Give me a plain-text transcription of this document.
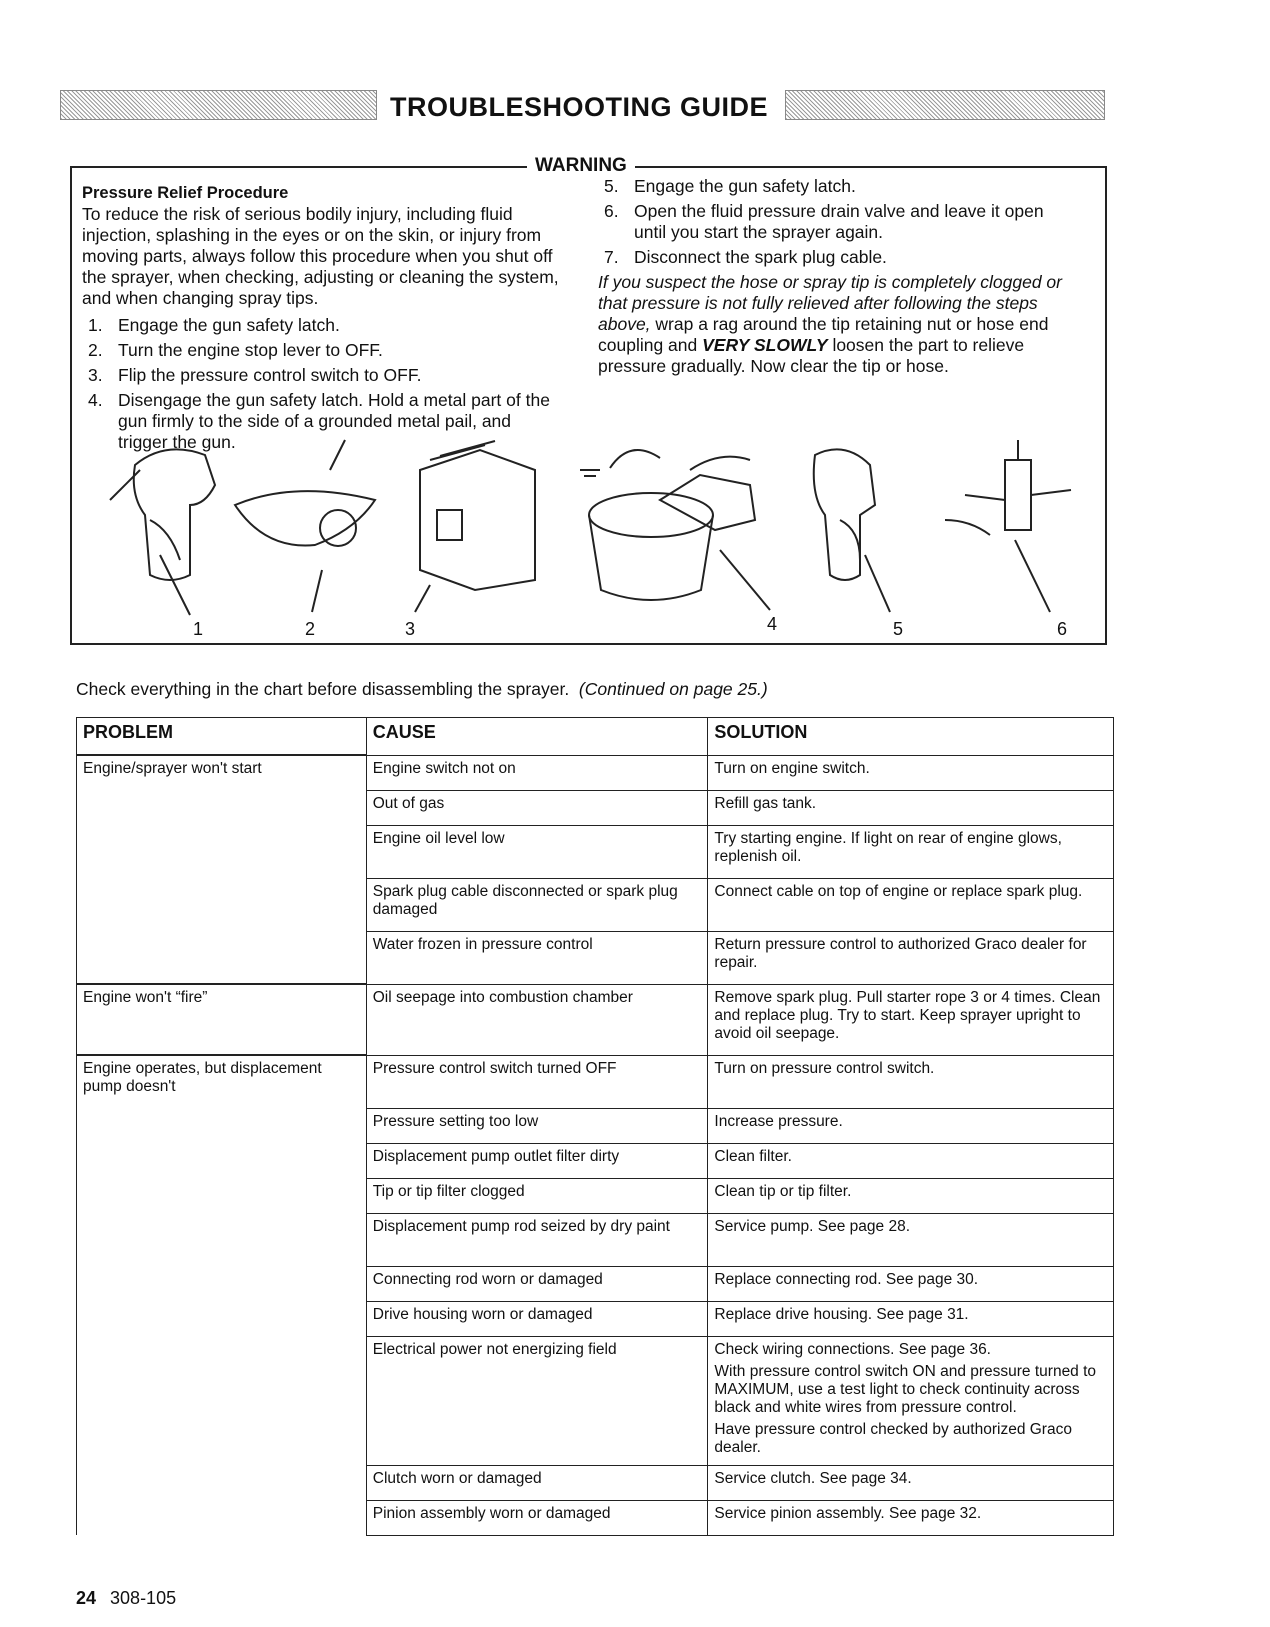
TROUBLESHOOTING GUIDE
WARNING
Pressure Relief Procedure
To reduce the risk of serious bodily injury, including fluid injection, splashing in the eyes or on the skin, or injury from moving parts, always follow this procedure when you shut off the sprayer, when checking, adjusting or cleaning the system, and when changing spray tips.
1. Engage the gun safety latch.
2. Turn the engine stop lever to OFF.
3. Flip the pressure control switch to OFF.
4. Disengage the gun safety latch. Hold a metal part of the gun firmly to the side of a grounded metal pail, and trigger the gun.
5. Engage the gun safety latch.
6. Open the fluid pressure drain valve and leave it open until you start the sprayer again.
7. Disconnect the spark plug cable.
If you suspect the hose or spray tip is completely clogged or that pressure is not fully relieved after following the steps above, wrap a rag around the tip retaining nut or hose end coupling and VERY SLOWLY loosen the part to relieve pressure gradually. Now clear the tip or hose.
1	2	3	4	5	6
Check everything in the chart before disassembling the sprayer. (Continued on page 25.)
PROBLEM	CAUSE	SOLUTION
Engine/sprayer won't start	Engine switch not on	Turn on engine switch.
	Out of gas	Refill gas tank.
	Engine oil level low	Try starting engine. If light on rear of engine glows, replenish oil.
	Spark plug cable disconnected or spark plug damaged	Connect cable on top of engine or replace spark plug.
	Water frozen in pressure control	Return pressure control to authorized Graco dealer for repair.
Engine won't “fire”	Oil seepage into combustion chamber	Remove spark plug. Pull starter rope 3 or 4 times. Clean and replace plug. Try to start. Keep sprayer upright to avoid oil seepage.
Engine operates, but displacement pump doesn't	Pressure control switch turned OFF	Turn on pressure control switch.
	Pressure setting too low	Increase pressure.
	Displacement pump outlet filter dirty	Clean filter.
	Tip or tip filter clogged	Clean tip or tip filter.
	Displacement pump rod seized by dry paint	Service pump. See page 28.
	Connecting rod worn or damaged	Replace connecting rod. See page 30.
	Drive housing worn or damaged	Replace drive housing. See page 31.
	Electrical power not energizing field	Check wiring connections. See page 36.

With pressure control switch ON and pressure turned to MAXIMUM, use a test light to check continuity across black and white wires from pressure control.

Have pressure control checked by authorized Graco dealer.

	Clutch worn or damaged	Service clutch. See page 34.
	Pinion assembly worn or damaged	Service pinion assembly. See page 32.
24 308-105
